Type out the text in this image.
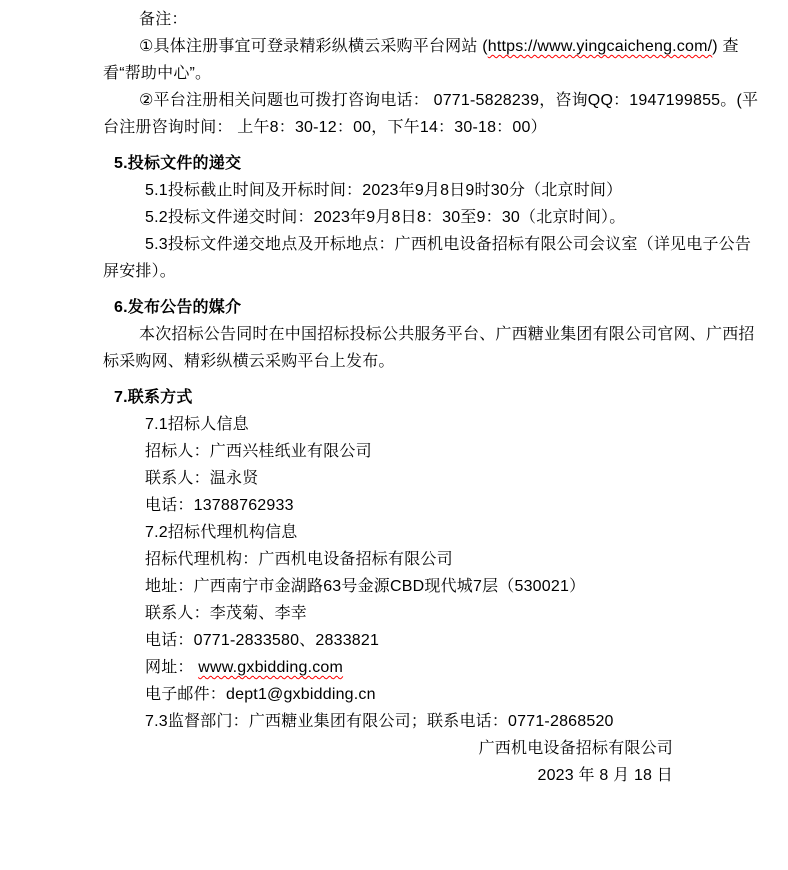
备注：
①具体注册事宜可登录精彩纵横云采购平台网站 (https://www.yingcaicheng.com/) 查
看“帮助中心”。
②平台注册相关问题也可拨打咨询电话： 0771-5828239，咨询QQ：1947199855。(平
台注册咨询时间： 上午8：30-12：00，下午14：30-18：00）
5.投标文件的递交
5.1投标截止时间及开标时间：2023年9月8日9时30分（北京时间）
5.2投标文件递交时间：2023年9月8日8：30至9：30（北京时间）。
5.3投标文件递交地点及开标地点：广西机电设备招标有限公司会议室（详见电子公告
屏安排）。
6.发布公告的媒介
本次招标公告同时在中国招标投标公共服务平台、广西糖业集团有限公司官网、广西招
标采购网、精彩纵横云采购平台上发布。
7.联系方式
7.1招标人信息
招标人：广西兴桂纸业有限公司
联系人：温永贤
电话：13788762933
7.2招标代理机构信息
招标代理机构：广西机电设备招标有限公司
地址：广西南宁市金湖路63号金源CBD现代城7层（530021）
联系人：李茂菊、李幸
电话：0771-2833580、2833821
网址： www.gxbidding.com
电子邮件：dept1@gxbidding.cn
7.3监督部门：广西糖业集团有限公司；联系电话：0771-2868520
广西机电设备招标有限公司
2023 年 8 月 18 日
